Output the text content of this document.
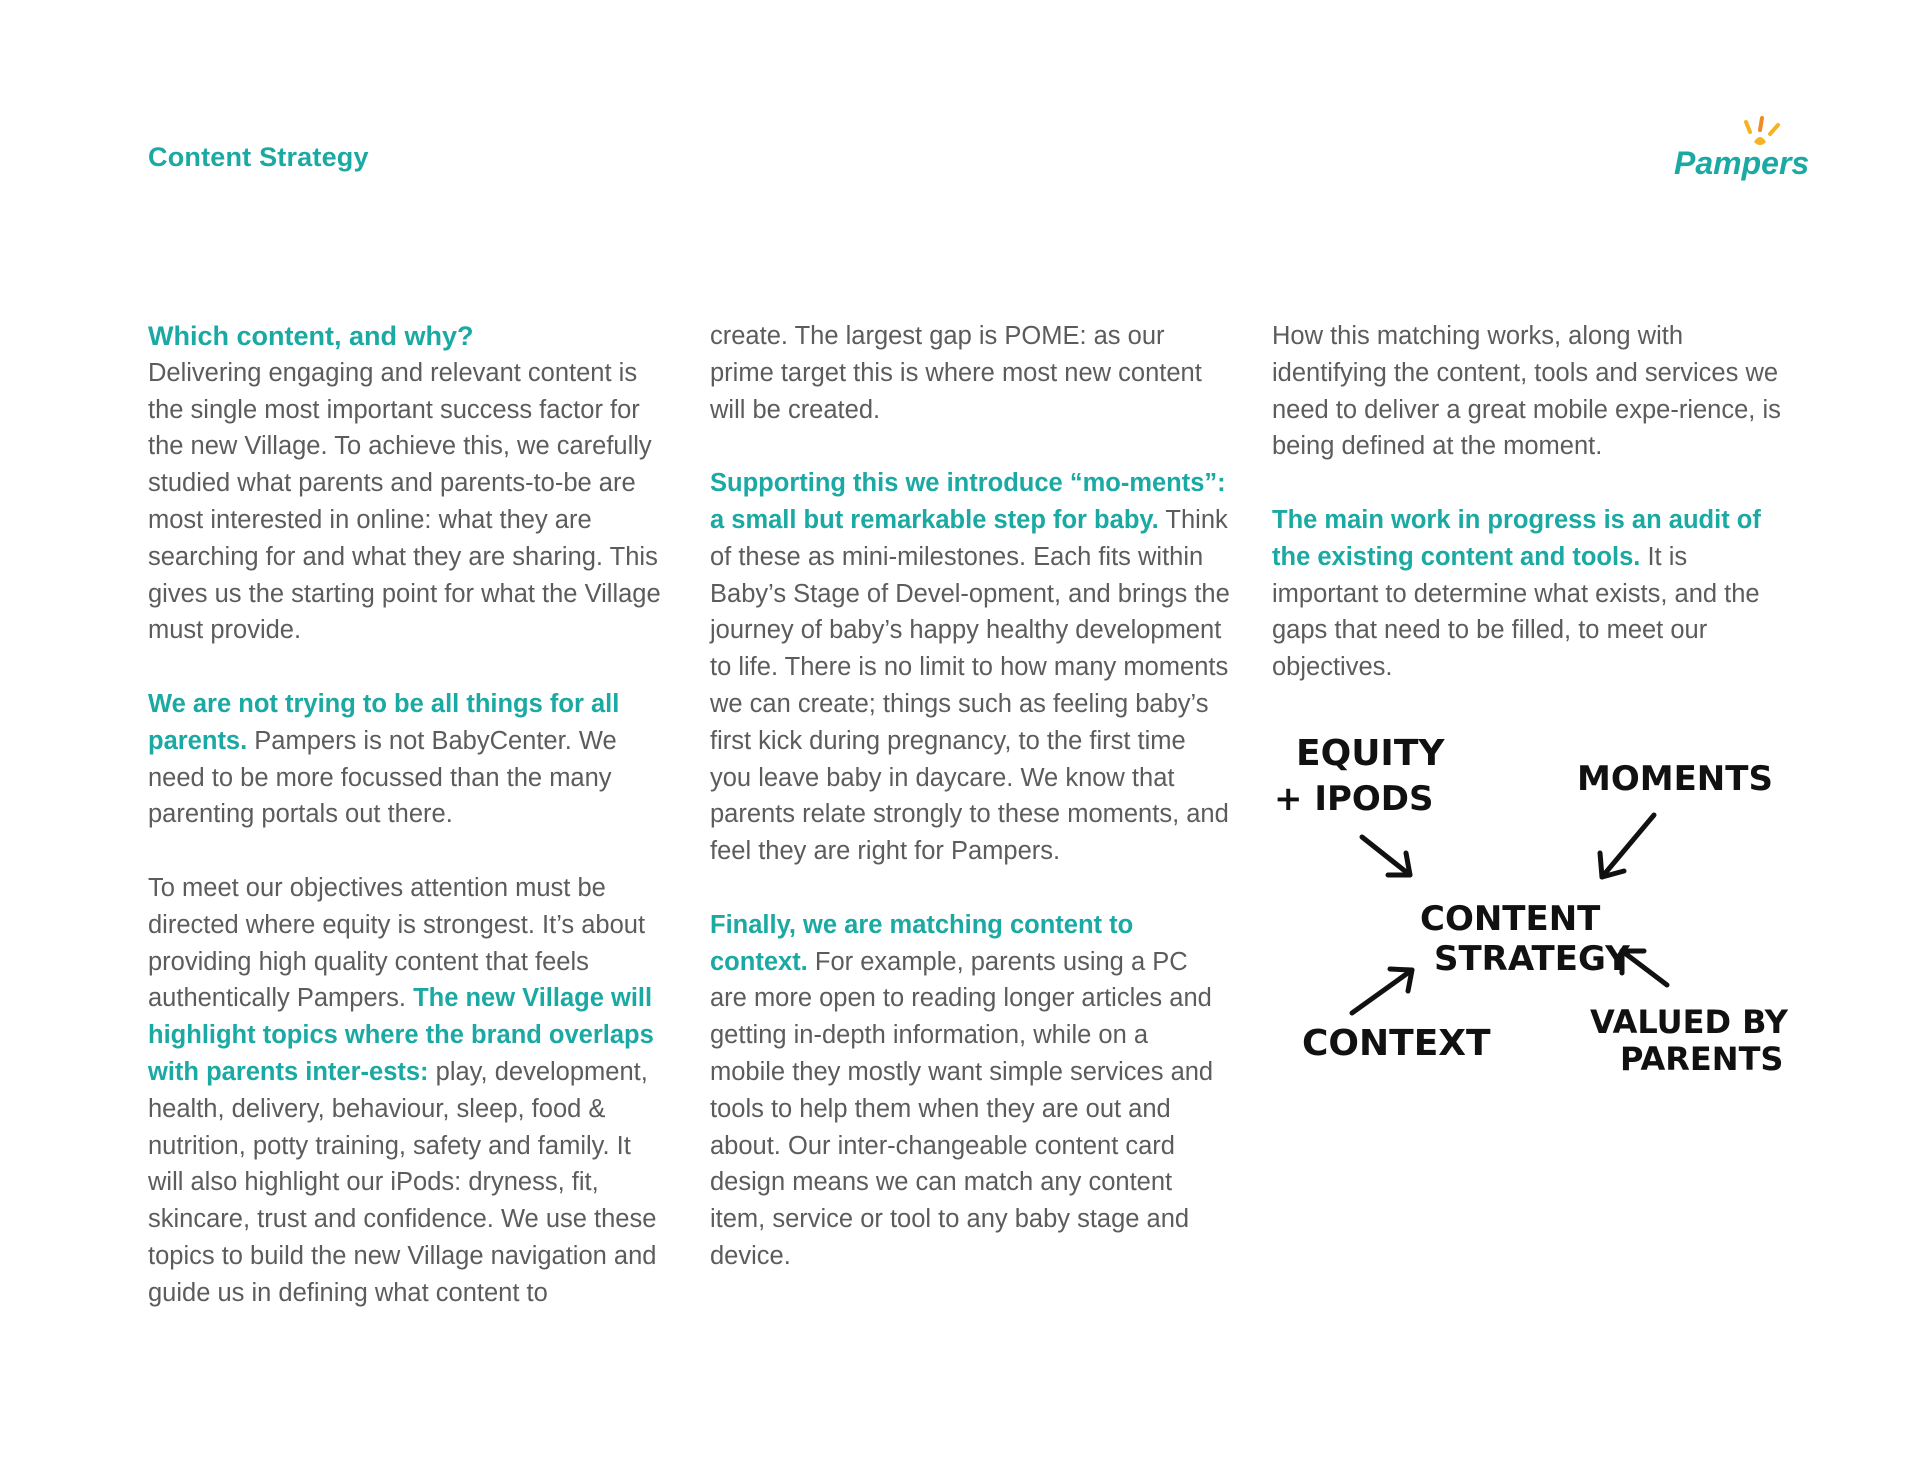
Content Strategy	Pampers
Which content, and why?

Delivering engaging and relevant content is the single most important success factor for the new Village. To achieve this, we carefully studied what parents and parents-to-be are most interested in online: what they are searching for and what they are sharing. This gives us the starting point for what the Village must provide.

We are not trying to be all things for all parents. Pampers is not BabyCenter. We need to be more focussed than the many parenting portals out there.

To meet our objectives attention must be directed where equity is strongest. It’s about providing high quality content that feels authentically Pampers. The new Village will highlight topics where the brand overlaps with parents inter-ests: play, development, health, delivery, behaviour, sleep, food & nutrition, potty training, safety and family. It will also highlight our iPods: dryness, fit, skincare, trust and confidence. We use these topics to build the new Village navigation and guide us in defining what content to

create. The largest gap is POME: as our prime target this is where most new content will be created.

Supporting this we introduce “mo-ments”: a small but remarkable step for baby. Think of these as mini-milestones. Each fits within Baby’s Stage of Devel-opment, and brings the journey of baby’s happy healthy development to life. There is no limit to how many moments we can create; things such as feeling baby’s first kick during pregnancy, to the first time you leave baby in daycare. We know that parents relate strongly to these moments, and feel they are right for Pampers.

Finally, we are matching content to context. For example, parents using a PC are more open to reading longer articles and getting in-depth information, while on a mobile they mostly want simple services and tools to help them when they are out and about. Our inter-changeable content card design means we can match any content item, service or tool to any baby stage and device.

How this matching works, along with identifying the content, tools and services we need to deliver a great mobile expe-rience, is being defined at the moment.

The main work in progress is an audit of the existing content and tools. It is important to determine what exists, and the gaps that need to be filled, to meet our objectives.

EQUITY
+ IPODS	MOMENTS
CONTENT
STRATEGY
CONTEXT
VALUED BY
PARENTS
